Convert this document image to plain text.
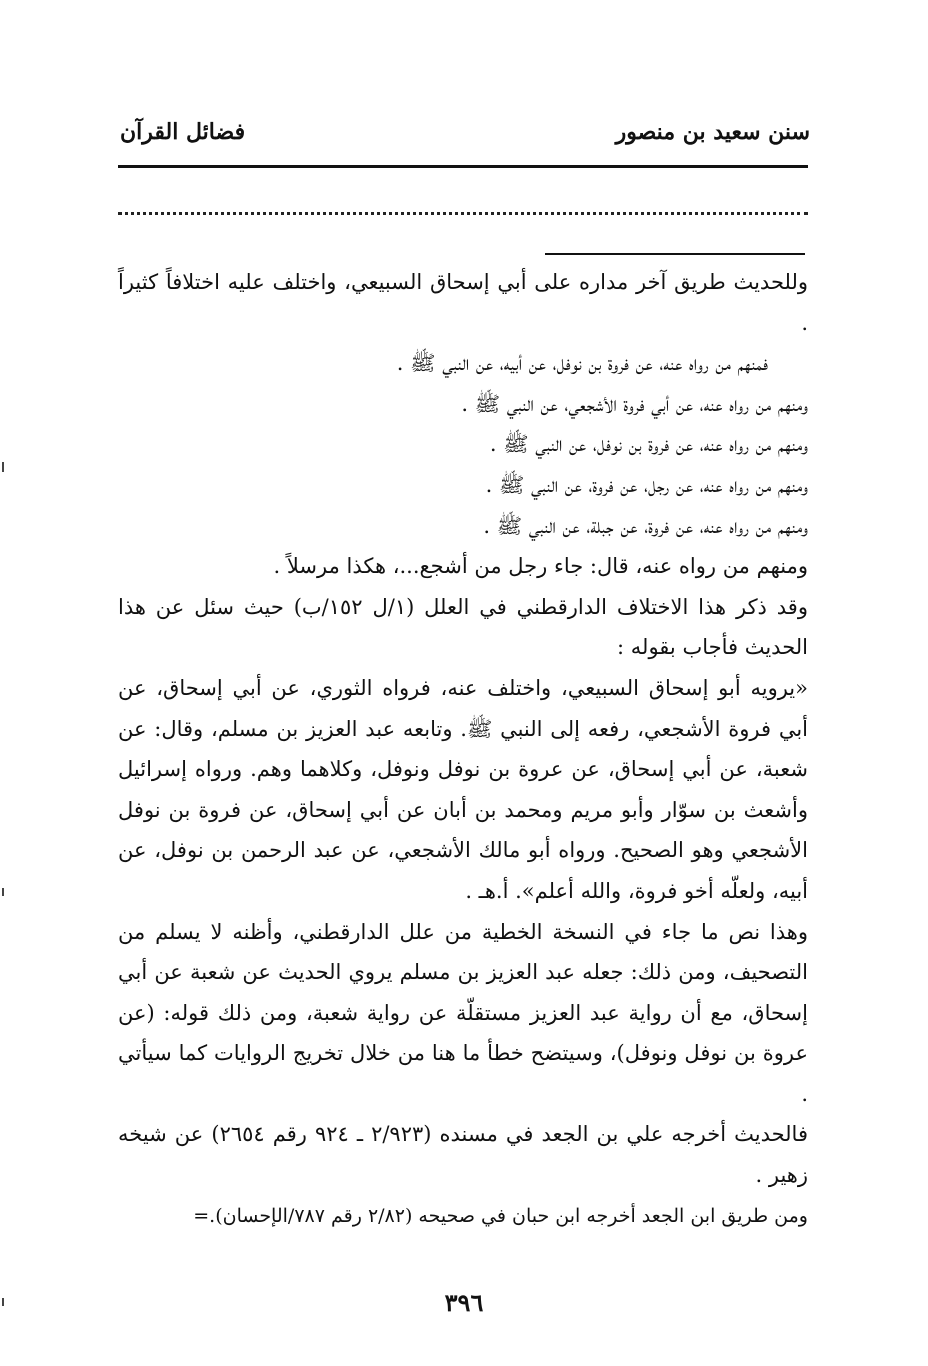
سنن سعيد بن منصور
فضائل القرآن

وللحديث طريق آخر مداره على أبي إسحاق السبيعي، واختلف عليه اختلافاً كثيراً .

فمنهم من رواه عنه، عن فروة بن نوفل، عن أبيه، عن النبي ﷺ .

ومنهم من رواه عنه، عن أبي فروة الأشجعي، عن النبي ﷺ .

ومنهم من رواه عنه، عن فروة بن نوفل، عن النبي ﷺ .

ومنهم من رواه عنه، عن رجل، عن فروة، عن النبي ﷺ .

ومنهم من رواه عنه، عن فروة، عن جبلة، عن النبي ﷺ .

ومنهم من رواه عنه، قال: جاء رجل من أشجع...، هكذا مرسلاً .

وقد ذكر هذا الاختلاف الدارقطني في العلل (١/ل ١٥٢/ب) حيث سئل عن هذا الحديث فأجاب بقوله :

«يرويه أبو إسحاق السبيعي، واختلف عنه، فرواه الثوري، عن أبي إسحاق، عن أبي فروة الأشجعي، رفعه إلى النبي ﷺ. وتابعه عبد العزيز بن مسلم، وقال: عن شعبة، عن أبي إسحاق، عن عروة بن نوفل ونوفل، وكلاهما وهم. ورواه إسرائيل وأشعث بن سوّار وأبو مريم ومحمد بن أبان عن أبي إسحاق، عن فروة بن نوفل الأشجعي وهو الصحيح. ورواه أبو مالك الأشجعي، عن عبد الرحمن بن نوفل، عن أبيه، ولعلّه أخو فروة، والله أعلم». أ.هـ .

وهذا نص ما جاء في النسخة الخطية من علل الدارقطني، وأظنه لا يسلم من التصحيف، ومن ذلك: جعله عبد العزيز بن مسلم يروي الحديث عن شعبة عن أبي إسحاق، مع أن رواية عبد العزيز مستقلّة عن رواية شعبة، ومن ذلك قوله: (عن عروة بن نوفل ونوفل)، وسيتضح خطأ ما هنا من خلال تخريج الروايات كما سيأتي .

فالحديث أخرجه علي بن الجعد في مسنده (٢/٩٢٣ ـ ٩٢٤ رقم ٢٦٥٤) عن شيخه زهير .

ومن طريق ابن الجعد أخرجه ابن حبان في صحيحه (٢/٨٢ رقم ٧٨٧/الإحسان).=

٣٩٦
